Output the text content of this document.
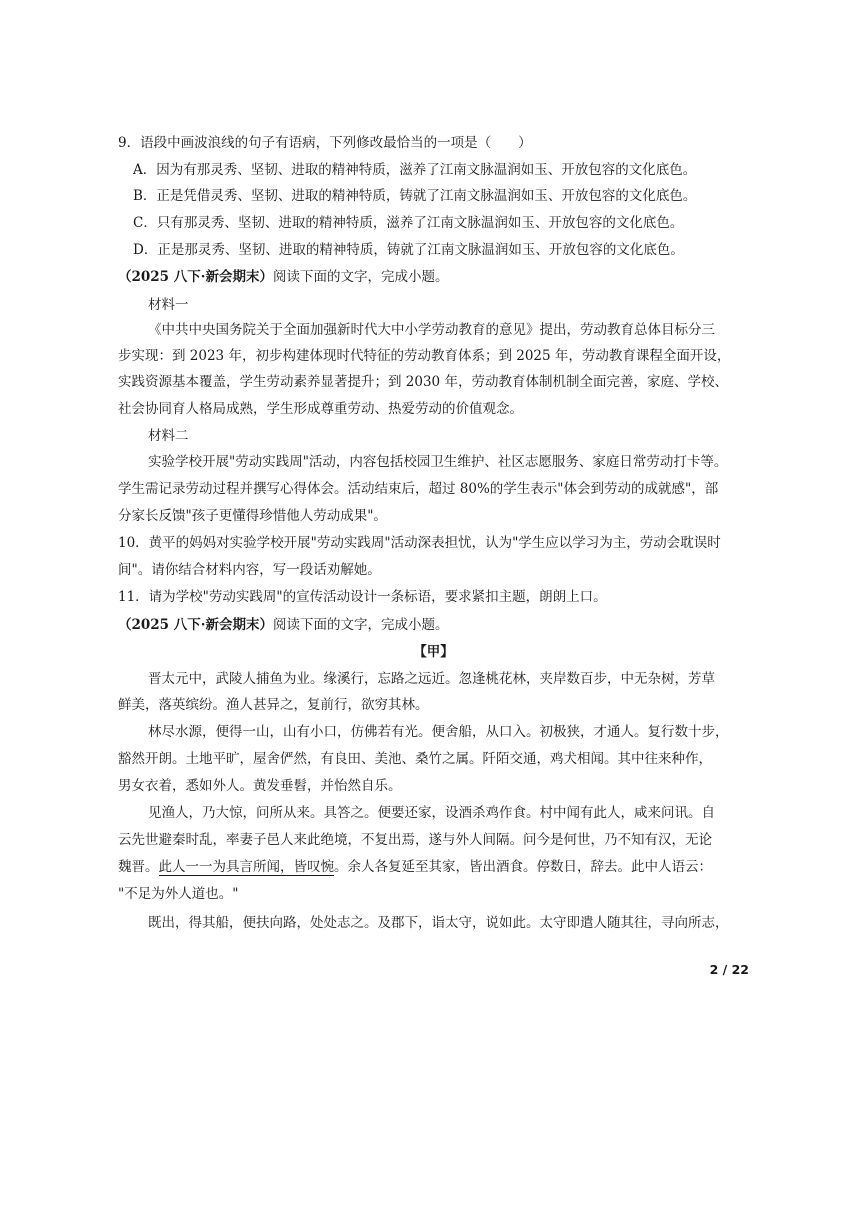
9．语段中画波浪线的句子有语病，下列修改最恰当的一项是（　　）
A．因为有那灵秀、坚韧、进取的精神特质，滋养了江南文脉温润如玉、开放包容的文化底色。
B．正是凭借灵秀、坚韧、进取的精神特质，铸就了江南文脉温润如玉、开放包容的文化底色。
C．只有那灵秀、坚韧、进取的精神特质，滋养了江南文脉温润如玉、开放包容的文化底色。
D．正是那灵秀、坚韧、进取的精神特质，铸就了江南文脉温润如玉、开放包容的文化底色。
（2025 八下·新会期末）阅读下面的文字，完成小题。
材料一
《中共中央国务院关于全面加强新时代大中小学劳动教育的意见》提出，劳动教育总体目标分三
步实现：到 2023 年，初步构建体现时代特征的劳动教育体系；到 2025 年，劳动教育课程全面开设，
实践资源基本覆盖，学生劳动素养显著提升；到 2030 年，劳动教育体制机制全面完善，家庭、学校、
社会协同育人格局成熟，学生形成尊重劳动、热爱劳动的价值观念。
材料二
实验学校开展"劳动实践周"活动，内容包括校园卫生维护、社区志愿服务、家庭日常劳动打卡等。
学生需记录劳动过程并撰写心得体会。活动结束后，超过 80%的学生表示"体会到劳动的成就感"，部
分家长反馈"孩子更懂得珍惜他人劳动成果"。
10．黄平的妈妈对实验学校开展"劳动实践周"活动深表担忧，认为"学生应以学习为主，劳动会耽误时
间"。请你结合材料内容，写一段话劝解她。
11．请为学校"劳动实践周"的宣传活动设计一条标语，要求紧扣主题，朗朗上口。
（2025 八下·新会期末）阅读下面的文字，完成小题。
【甲】
晋太元中，武陵人捕鱼为业。缘溪行，忘路之远近。忽逢桃花林，夹岸数百步，中无杂树，芳草
鲜美，落英缤纷。渔人甚异之，复前行，欲穷其林。
林尽水源，便得一山，山有小口，仿佛若有光。便舍船，从口入。初极狭，才通人。复行数十步，
豁然开朗。土地平旷，屋舍俨然，有良田、美池、桑竹之属。阡陌交通，鸡犬相闻。其中往来种作，
男女衣着，悉如外人。黄发垂髫，并怡然自乐。
见渔人，乃大惊，问所从来。具答之。便要还家，设酒杀鸡作食。村中闻有此人，咸来问讯。自
云先世避秦时乱，率妻子邑人来此绝境，不复出焉，遂与外人间隔。问今是何世，乃不知有汉，无论
魏晋。此人一一为具言所闻，皆叹惋。余人各复延至其家，皆出酒食。停数日，辞去。此中人语云：
"不足为外人道也。"
既出，得其船，便扶向路，处处志之。及郡下，诣太守，说如此。太守即遣人随其往，寻向所志，
2 / 22
